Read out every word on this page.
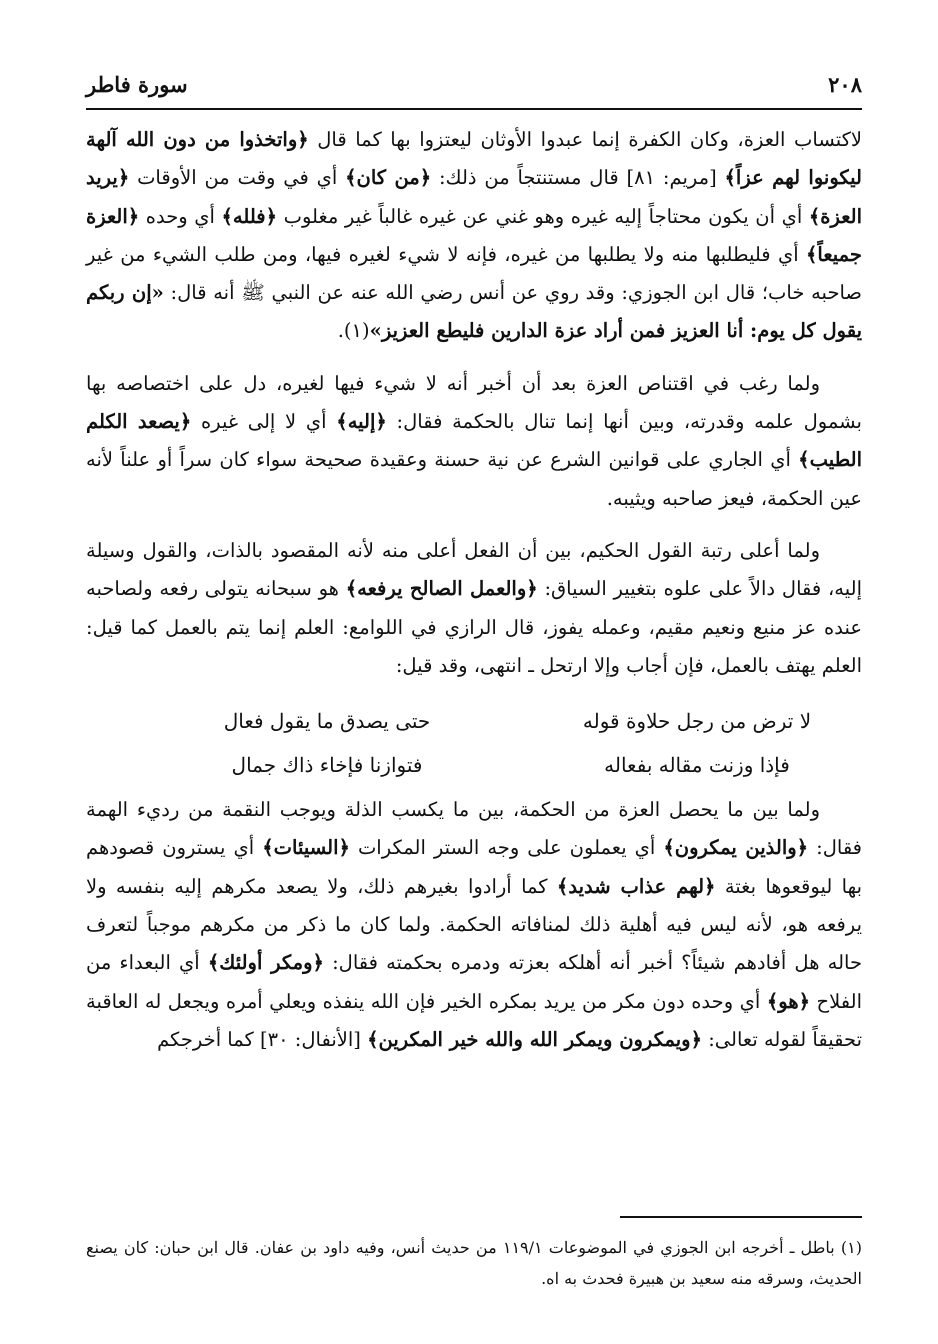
٢٠٨
سورة فاطر

لاكتساب العزة، وكان الكفرة إنما عبدوا الأوثان ليعتزوا بها كما قال ﴿واتخذوا من دون الله آلهة ليكونوا لهم عزاً﴾ [مريم: ٨١] قال مستنتجاً من ذلك: ﴿من كان﴾ أي في وقت من الأوقات ﴿يريد العزة﴾ أي أن يكون محتاجاً إليه غيره وهو غني عن غيره غالباً غير مغلوب ﴿فلله﴾ أي وحده ﴿العزة جميعاً﴾ أي فليطلبها منه ولا يطلبها من غيره، فإنه لا شيء لغيره فيها، ومن طلب الشيء من غير صاحبه خاب؛ قال ابن الجوزي: وقد روي عن أنس رضي الله عنه عن النبي ﷺ أنه قال: «إن ربكم يقول كل يوم: أنا العزيز فمن أراد عزة الدارين فليطع العزيز»(١).

ولما رغب في اقتناص العزة بعد أن أخبر أنه لا شيء فيها لغيره، دل على اختصاصه بها بشمول علمه وقدرته، وبين أنها إنما تنال بالحكمة فقال: ﴿إليه﴾ أي لا إلى غيره ﴿يصعد الكلم الطيب﴾ أي الجاري على قوانين الشرع عن نية حسنة وعقيدة صحيحة سواء كان سراً أو علناً لأنه عين الحكمة، فيعز صاحبه ويثيبه.

ولما أعلى رتبة القول الحكيم، بين أن الفعل أعلى منه لأنه المقصود بالذات، والقول وسيلة إليه، فقال دالاً على علوه بتغيير السياق: ﴿والعمل الصالح يرفعه﴾ هو سبحانه يتولى رفعه ولصاحبه عنده عز منيع ونعيم مقيم، وعمله يفوز، قال الرازي في اللوامع: العلم إنما يتم بالعمل كما قيل: العلم يهتف بالعمل، فإن أجاب وإلا ارتحل ـ انتهى، وقد قيل:

لا ترض من رجل حلاوة قوله
حتى يصدق ما يقول فعال
فإذا وزنت مقاله بفعاله
فتوازنا فإخاء ذاك جمال

ولما بين ما يحصل العزة من الحكمة، بين ما يكسب الذلة ويوجب النقمة من رديء الهمة فقال: ﴿والذين يمكرون﴾ أي يعملون على وجه الستر المكرات ﴿السيئات﴾ أي يسترون قصودهم بها ليوقعوها بغتة ﴿لهم عذاب شديد﴾ كما أرادوا بغيرهم ذلك، ولا يصعد مكرهم إليه بنفسه ولا يرفعه هو، لأنه ليس فيه أهلية ذلك لمنافاته الحكمة. ولما كان ما ذكر من مكرهم موجباً لتعرف حاله هل أفادهم شيئاً؟ أخبر أنه أهلكه بعزته ودمره بحكمته فقال: ﴿ومكر أولئك﴾ أي البعداء من الفلاح ﴿هو﴾ أي وحده دون مكر من يريد بمكره الخير فإن الله ينفذه ويعلي أمره ويجعل له العاقبة تحقيقاً لقوله تعالى: ﴿ويمكرون ويمكر الله والله خير المكرين﴾ [الأنفال: ٣٠] كما أخرجكم

(١) باطل ـ أخرجه ابن الجوزي في الموضوعات ١١٩/١ من حديث أنس، وفيه داود بن عفان. قال ابن حبان: كان يصنع الحديث، وسرقه منه سعيد بن هبيرة فحدث به اه.
